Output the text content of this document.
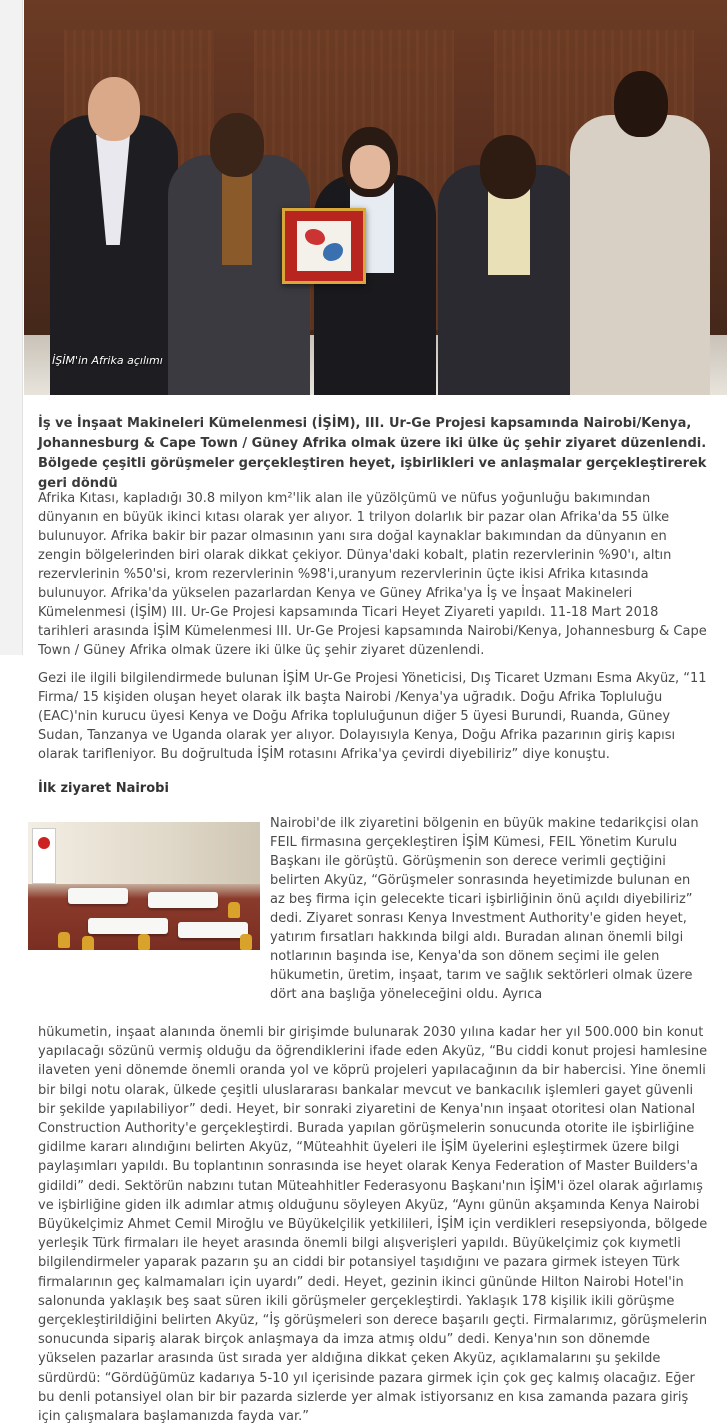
İŞİM'in Afrika açılımı
İş ve İnşaat Makineleri Kümelenmesi (İŞİM), III. Ur-Ge Projesi kapsamında Nairobi/Kenya, Johannesburg & Cape Town / Güney Afrika olmak üzere iki ülke üç şehir ziyaret düzenlendi. Bölgede çeşitli görüşmeler gerçekleştiren heyet, işbirlikleri ve anlaşmalar gerçekleştirerek geri döndü
Afrika Kıtası, kapladığı 30.8 milyon km²'lik alan ile yüzölçümü ve nüfus yoğunluğu bakımından dünyanın en büyük ikinci kıtası olarak yer alıyor. 1 trilyon dolarlık bir pazar olan Afrika'da 55 ülke bulunuyor. Afrika bakir bir pazar olmasının yanı sıra doğal kaynaklar bakımından da dünyanın en zengin bölgelerinden biri olarak dikkat çekiyor. Dünya'daki kobalt, platin rezervlerinin %90'ı, altın rezervlerinin %50'si, krom rezervlerinin %98'i,uranyum rezervlerinin üçte ikisi Afrika kıtasında bulunuyor. Afrika'da yükselen pazarlardan Kenya ve Güney Afrika'ya İş ve İnşaat Makineleri Kümelenmesi (İŞİM) III. Ur-Ge Projesi kapsamında Ticari Heyet Ziyareti yapıldı. 11-18 Mart 2018 tarihleri arasında İŞİM Kümelenmesi III. Ur-Ge Projesi kapsamında Nairobi/Kenya, Johannesburg & Cape Town / Güney Afrika olmak üzere iki ülke üç şehir ziyaret düzenlendi.
Gezi ile ilgili bilgilendirmede bulunan İŞİM Ur-Ge Projesi Yöneticisi, Dış Ticaret Uzmanı Esma Akyüz, “11 Firma/ 15 kişiden oluşan heyet olarak ilk başta Nairobi /Kenya'ya uğradık. Doğu Afrika Topluluğu (EAC)'nin kurucu üyesi Kenya ve Doğu Afrika topluluğunun diğer 5 üyesi Burundi, Ruanda, Güney Sudan, Tanzanya ve Uganda olarak yer alıyor. Dolayısıyla Kenya, Doğu Afrika pazarının giriş kapısı olarak tarifleniyor. Bu doğrultuda İŞİM rotasını Afrika'ya çevirdi diyebiliriz” diye konuştu.
İlk ziyaret Nairobi
Nairobi'de ilk ziyaretini bölgenin en büyük makine tedarikçisi olan FEIL firmasına gerçekleştiren İŞİM Kümesi, FEIL Yönetim Kurulu Başkanı ile görüştü. Görüşmenin son derece verimli geçtiğini belirten Akyüz, “Görüşmeler sonrasında heyetimizde bulunan en az beş firma için gelecekte ticari işbirliğinin önü açıldı diyebiliriz” dedi. Ziyaret sonrası Kenya Investment Authority'e giden heyet, yatırım fırsatları hakkında bilgi aldı. Buradan alınan önemli bilgi notlarının başında ise, Kenya'da son dönem seçimi ile gelen hükumetin, üretim, inşaat, tarım ve sağlık sektörleri olmak üzere dört ana başlığa yöneleceğini oldu. Ayrıca
hükumetin, inşaat alanında önemli bir girişimde bulunarak 2030 yılına kadar her yıl 500.000 bin konut yapılacağı sözünü vermiş olduğu da öğrendiklerini ifade eden Akyüz, “Bu ciddi konut projesi hamlesine ilaveten yeni dönemde önemli oranda yol ve köprü projeleri yapılacağının da bir habercisi. Yine önemli bir bilgi notu olarak, ülkede çeşitli uluslararası bankalar mevcut ve bankacılık işlemleri gayet güvenli bir şekilde yapılabiliyor” dedi. Heyet, bir sonraki ziyaretini de Kenya'nın inşaat otoritesi olan National Construction Authority'e gerçekleştirdi. Burada yapılan görüşmelerin sonucunda otorite ile işbirliğine gidilme kararı alındığını belirten Akyüz, “Müteahhit üyeleri ile İŞİM üyelerini eşleştirmek üzere bilgi paylaşımları yapıldı. Bu toplantının sonrasında ise heyet olarak Kenya Federation of Master Builders'a gidildi” dedi. Sektörün nabzını tutan Müteahhitler Federasyonu Başkanı'nın İŞİM'i özel olarak ağırlamış ve işbirliğine giden ilk adımlar atmış olduğunu söyleyen Akyüz, “Aynı günün akşamında Kenya Nairobi Büyükelçimiz Ahmet Cemil Miroğlu ve Büyükelçilik yetkilileri, İŞİM için verdikleri resepsiyonda, bölgede yerleşik Türk firmaları ile heyet arasında önemli bilgi alışverişleri yapıldı. Büyükelçimiz çok kıymetli bilgilendirmeler yaparak pazarın şu an ciddi bir potansiyel taşıdığını ve pazara girmek isteyen Türk firmalarının geç kalmamaları için uyardı” dedi. Heyet, gezinin ikinci gününde Hilton Nairobi Hotel'in salonunda yaklaşık beş saat süren ikili görüşmeler gerçekleştirdi. Yaklaşık 178 kişilik ikili görüşme gerçekleştirildiğini belirten Akyüz, “İş görüşmeleri son derece başarılı geçti. Firmalarımız, görüşmelerin sonucunda sipariş alarak birçok anlaşmaya da imza atmış oldu” dedi. Kenya'nın son dönemde yükselen pazarlar arasında üst sırada yer aldığına dikkat çeken Akyüz, açıklamalarını şu şekilde sürdürdü: “Gördüğümüz kadarıya 5-10 yıl içerisinde pazara girmek için çok geç kalmış olacağız. Eğer bu denli potansiyel olan bir bir pazarda sizlerde yer almak istiyorsanız en kısa zamanda pazara giriş için çalışmalara başlamanızda fayda var.”
